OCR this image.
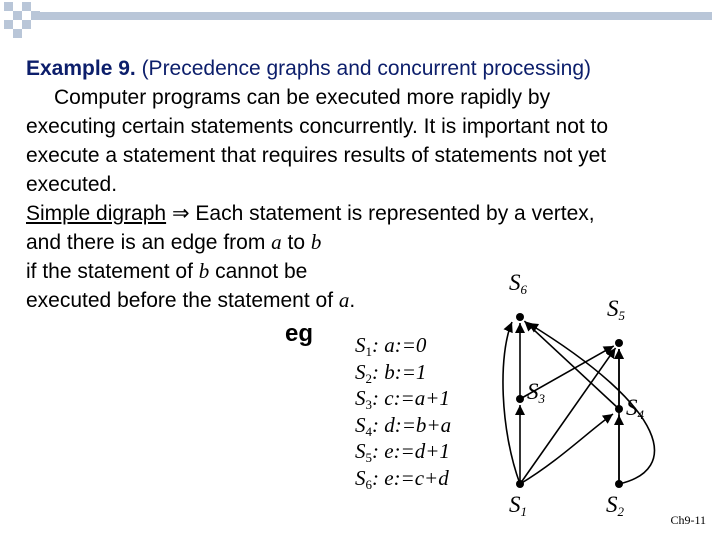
Example 9. (Precedence graphs and concurrent processing)
Computer programs can be executed more rapidly by
executing certain statements concurrently. It is important not to
execute a statement that requires results of statements not yet
executed.
Simple digraph ⇒ Each statement is represented by a vertex,
and there is an edge from a to b
if the statement of b cannot be
executed before the statement of a.
eg $S_1$: a:=0
$S_2$: b:=1
$S_3$: c:=a+1
$S_4$: d:=b+a
$S_5$: e:=d+1
$S_6$: e:=c+d
$S_6$
$S_5$
$S_3$	$S_4$
$S_1$	$S_2$
Ch9-11
